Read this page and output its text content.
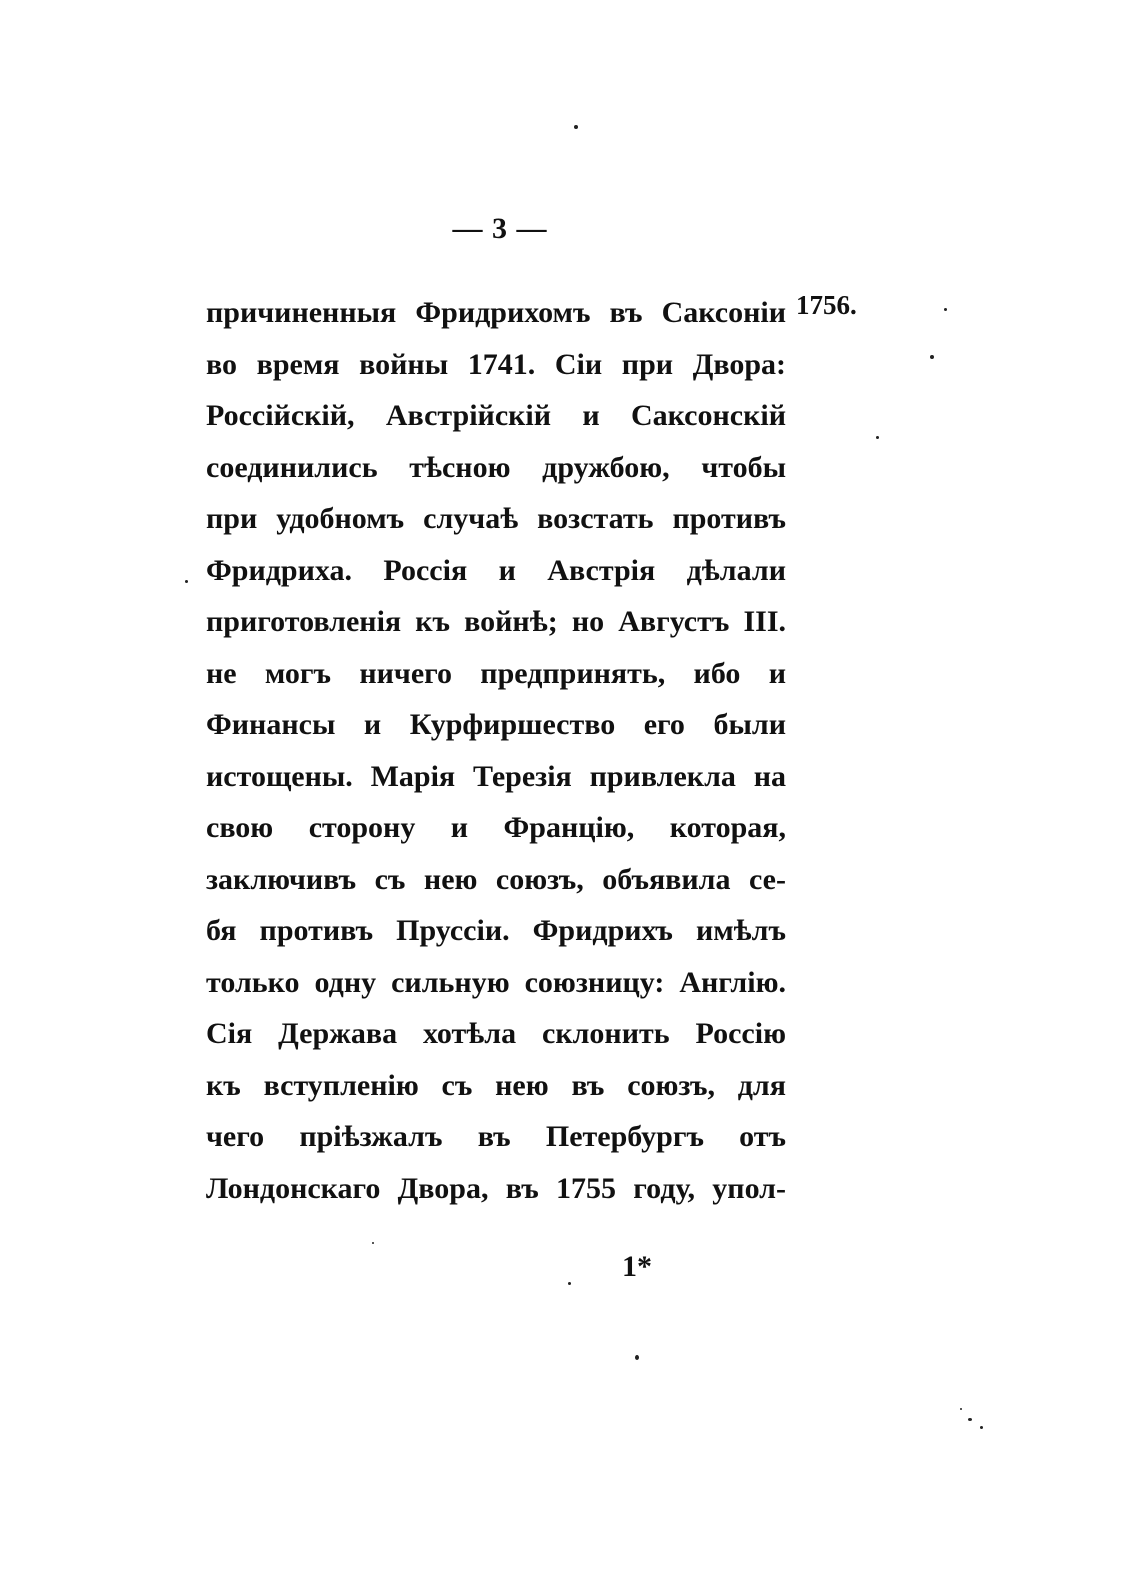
— 3 —
1756.
причиненныя Фридрихомъ въ Саксоніи
во время войны 1741. Сіи при Двора:
Россійскій, Австрійскій и Саксонскій
соединились тѣсною дружбою, чтобы
при удобномъ случаѣ возстать противъ
Фридриха. Россія и Австрія дѣлали
приготовленія къ войнѣ; но Августъ III.
не могъ ничего предпринять, ибо и
Финансы и Курфиршество его были
истощены. Марія Терезія привлекла на
свою сторону и Францію, которая,
заключивъ съ нею союзъ, объявила се-
бя противъ Пруссіи. Фридрихъ имѣлъ
только одну сильную союзницу: Англію.
Сія Держава хотѣла склонить Россію
къ вступленію съ нею въ союзъ, для
чего пріѣзжалъ въ Петербургъ отъ
Лондонскаго Двора, въ 1755 году, упол-
1*
